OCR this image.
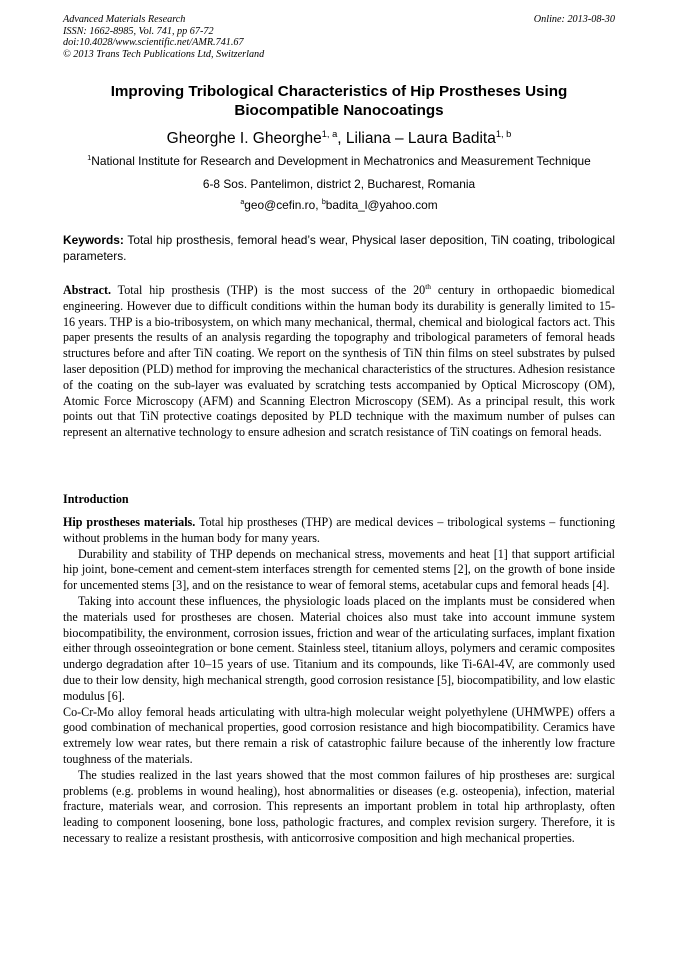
Advanced Materials Research
ISSN: 1662-8985, Vol. 741, pp 67-72
doi:10.4028/www.scientific.net/AMR.741.67
© 2013 Trans Tech Publications Ltd, Switzerland
Online: 2013-08-30
Improving Tribological Characteristics of Hip Prostheses Using
Biocompatible Nanocoatings
Gheorghe I. Gheorghe$^{1, a}$, Liliana – Laura Badita$^{1, b}$
$^1$National Institute for Research and Development in Mechatronics and Measurement Technique
6-8 Sos. Pantelimon, district 2, Bucharest, Romania
$^a$geo@cefin.ro, $^b$badita_l@yahoo.com
Keywords: Total hip prosthesis, femoral head’s wear, Physical laser deposition, TiN coating, tribological parameters.

Abstract. Total hip prosthesis (THP) is the most success of the 20th century in orthopaedic biomedical engineering. However due to difficult conditions within the human body its durability is generally limited to 15-16 years. THP is a bio-tribosystem, on which many mechanical, thermal, chemical and biological factors act. This paper presents the results of an analysis regarding the topography and tribological parameters of femoral heads structures before and after TiN coating. We report on the synthesis of TiN thin films on steel substrates by pulsed laser deposition (PLD) method for improving the mechanical characteristics of the structures. Adhesion resistance of the coating on the sub-layer was evaluated by scratching tests accompanied by Optical Microscopy (OM), Atomic Force Microscopy (AFM) and Scanning Electron Microscopy (SEM). As a principal result, this work points out that TiN protective coatings deposited by PLD technique with the maximum number of pulses can represent an alternative technology to ensure adhesion and scratch resistance of TiN coatings on femoral heads.

Introduction

Hip prostheses materials. Total hip prostheses (THP) are medical devices – tribological systems – functioning without problems in the human body for many years.

Durability and stability of THP depends on mechanical stress, movements and heat [1] that support artificial hip joint, bone-cement and cement-stem interfaces strength for cemented stems [2], on the growth of bone inside for uncemented stems [3], and on the resistance to wear of femoral stems, acetabular cups and femoral heads [4].

Taking into account these influences, the physiologic loads placed on the implants must be considered when the materials used for prostheses are chosen. Material choices also must take into account immune system biocompatibility, the environment, corrosion issues, friction and wear of the articulating surfaces, implant fixation either through osseointegration or bone cement. Stainless steel, titanium alloys, polymers and ceramic composites undergo degradation after 10–15 years of use. Titanium and its compounds, like Ti-6Al-4V, are commonly used due to their low density, high mechanical strength, good corrosion resistance [5], biocompatibility, and low elastic modulus [6].

Co-Cr-Mo alloy femoral heads articulating with ultra-high molecular weight polyethylene (UHMWPE) offers a good combination of mechanical properties, good corrosion resistance and high biocompatibility. Ceramics have extremely low wear rates, but there remain a risk of catastrophic failure because of the inherently low fracture toughness of the materials.

The studies realized in the last years showed that the most common failures of hip prostheses are: surgical problems (e.g. problems in wound healing), host abnormalities or diseases (e.g. osteopenia), infection, material fracture, materials wear, and corrosion. This represents an important problem in total hip arthroplasty, often leading to component loosening, bone loss, pathologic fractures, and complex revision surgery. Therefore, it is necessary to realize a resistant prosthesis, with anticorrosive composition and high mechanical properties.
